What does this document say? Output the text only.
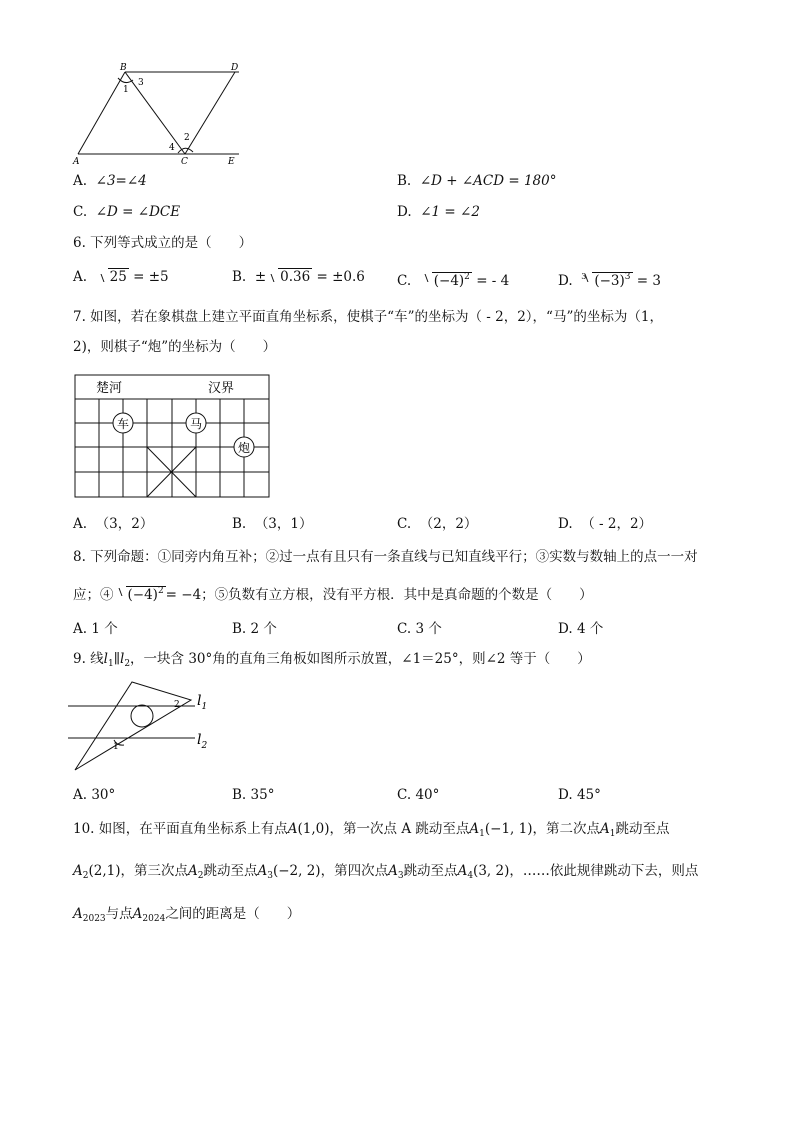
B	D
A	C	E
1
2
3
4
A. ∠3=∠4	B. ∠D + ∠ACD = 180°
C. ∠D = ∠DCE	D. ∠1 = ∠2
6. 下列等式成立的是（　　）
A. 25 = ±5	B. ± 0.36 = ±0.6 C. $(-4)^2$ = - 4	D. $^3$ $(-3)^3 = 3$
7. 如图，若在象棋盘上建立平面直角坐标系，使棋子“车”的坐标为（ - 2，2），“马”的坐标为（1，
2)，则棋子“炮”的坐标为（　　）
楚河	汉界
车	马
炮
A. （3，2）	B. （3，1）	C. （2，2）	D. （ - 2，2）
8. 下列命题：①同旁内角互补；②过一点有且只有一条直线与已知直线平行；③实数与数轴上的点一一对
应；④ $(-4)^2 = -4$；⑤负数有立方根，没有平方根．其中是真命题的个数是（　　）
A. 1 个	B. 2 个	C. 3 个	D. 4 个
9. 线$l_1\parallel l_2$，一块含 30°角的直角三角板如图所示放置，∠1＝25°，则∠2 等于（　　）
$l_1$
$l_2$
1
2
A. 30°	B. 35°	C. 40°	D. 45°
10. 如图，在平面直角坐标系上有点A(1,0)，第一次点 A 跳动至点$A_1(-1$, 1)，第二次点$A_1$跳动至点
$A_2(2,1)$，第三次点$A_2$跳动至点$A_3(-2$, 2)，第四次点$A_3$跳动至点$A_4(3$, 2)，……依此规律跳动下去，则点
$A_{2023}$与点$A_{2024}$之间的距离是（　　）
